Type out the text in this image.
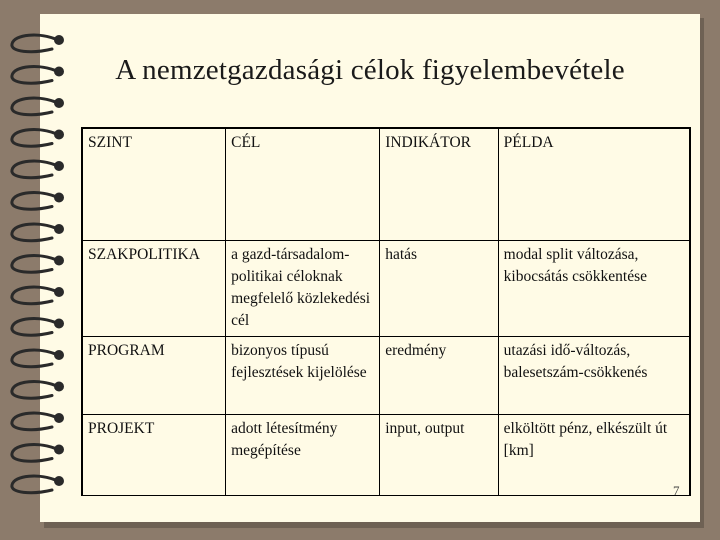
A nemzetgazdasági célok figyelembevétele
SZINT	CÉL	INDIKÁTOR	PÉLDA
SZAKPOLITIKA	a gazd-társadalom-politikai céloknak megfelelő közlekedési cél	hatás	modal split változása, kibocsátás csökkentése
PROGRAM	bizonyos típusú fejlesztések kijelölése	eredmény	utazási idő-változás, balesetszám-csökkenés
PROJEKT	adott létesítmény megépítése	input, output	elköltött pénz, elkészült út [km]
7
